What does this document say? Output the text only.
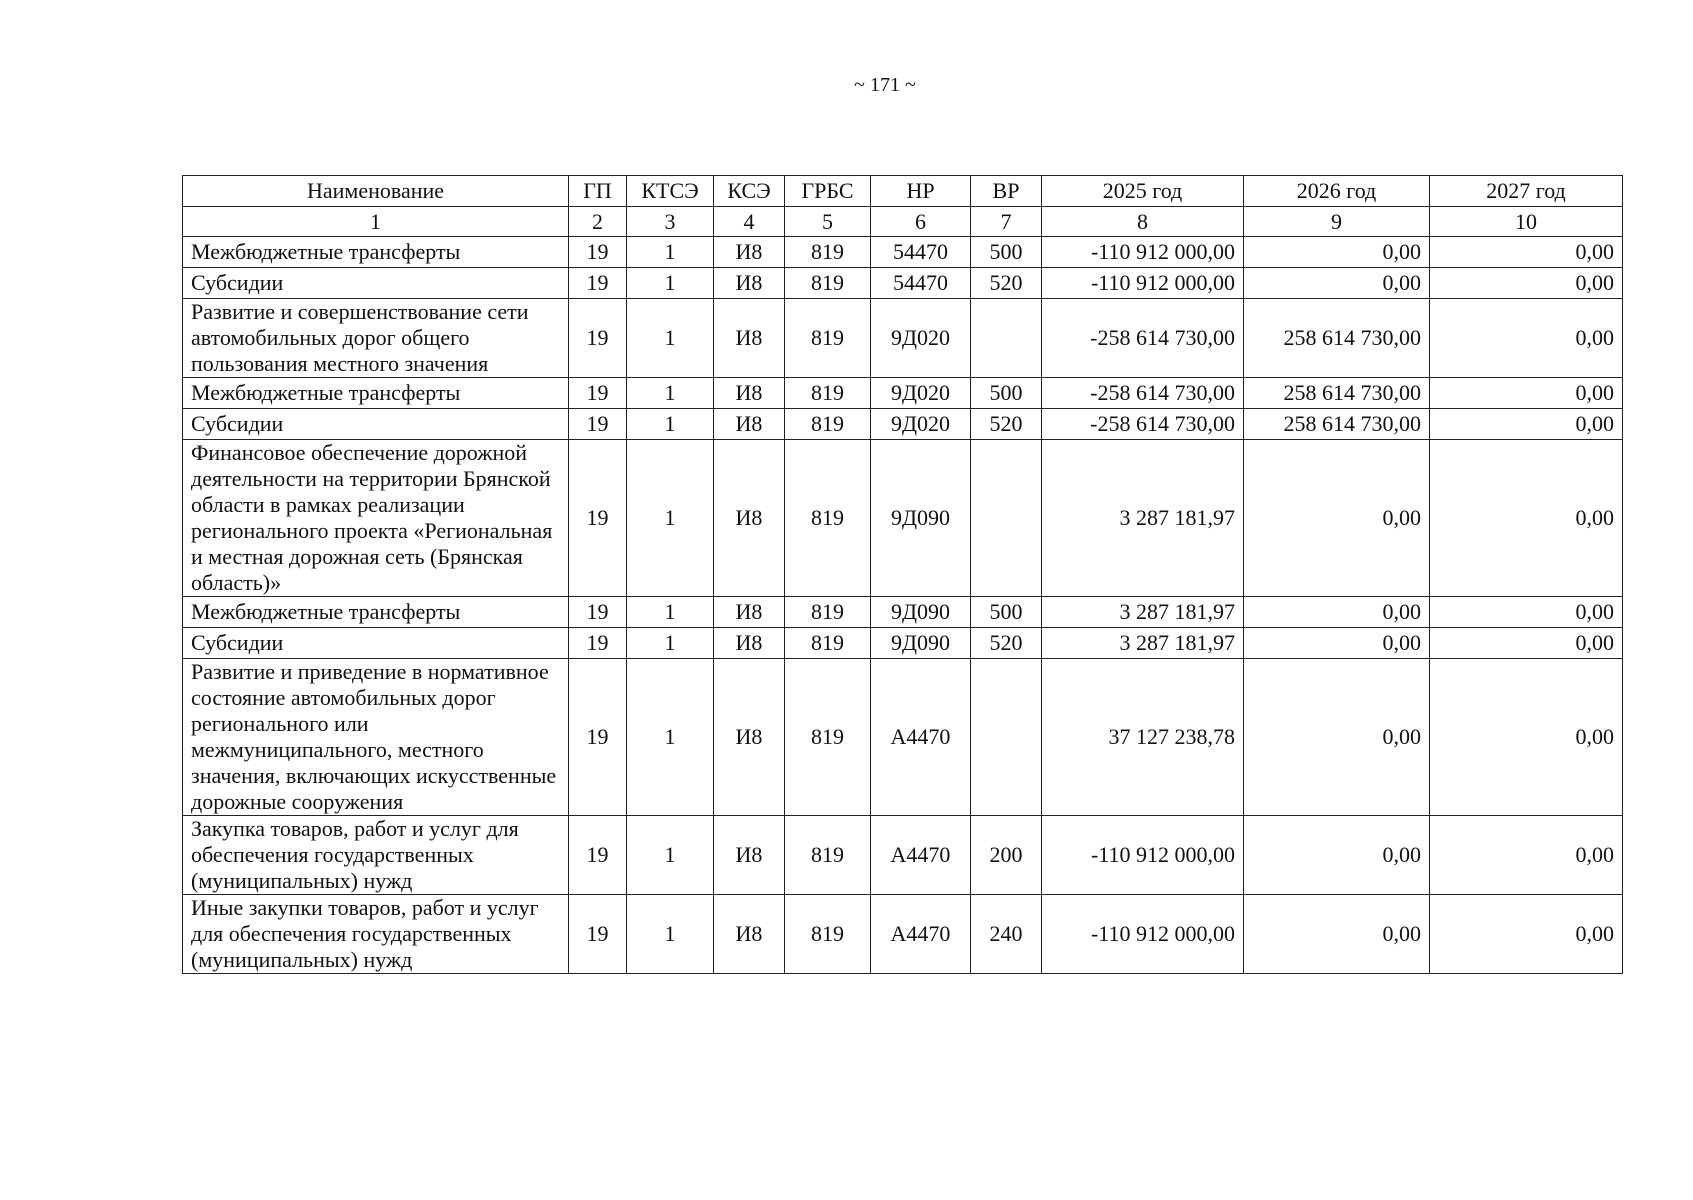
~ 171 ~
Наименование	ГП	КТСЭ	КСЭ	ГРБС	НР	ВР	2025 год	2026 год	2027 год
1	2	3	4	5	6	7	8	9	10
Межбюджетные трансферты	19	1	И8	819	54470	500	-110 912 000,00	0,00	0,00
Субсидии	19	1	И8	819	54470	520	-110 912 000,00	0,00	0,00
Развитие и совершенствование сети автомобильных дорог общего пользования местного значения	19	1	И8	819	9Д020		-258 614 730,00	258 614 730,00	0,00
Межбюджетные трансферты	19	1	И8	819	9Д020	500	-258 614 730,00	258 614 730,00	0,00
Субсидии	19	1	И8	819	9Д020	520	-258 614 730,00	258 614 730,00	0,00
Финансовое обеспечение дорожной деятельности на территории Брянской области в рамках реализации регионального проекта «Региональная и местная дорожная сеть (Брянская область)»	19	1	И8	819	9Д090		3 287 181,97	0,00	0,00
Межбюджетные трансферты	19	1	И8	819	9Д090	500	3 287 181,97	0,00	0,00
Субсидии	19	1	И8	819	9Д090	520	3 287 181,97	0,00	0,00
Развитие и приведение в нормативное состояние автомобильных дорог регионального или межмуниципального, местного значения, включающих искусственные дорожные сооружения	19	1	И8	819	А4470		37 127 238,78	0,00	0,00
Закупка товаров, работ и услуг для обеспечения государственных (муниципальных) нужд	19	1	И8	819	А4470	200	-110 912 000,00	0,00	0,00
Иные закупки товаров, работ и услуг для обеспечения государственных (муниципальных) нужд	19	1	И8	819	А4470	240	-110 912 000,00	0,00	0,00
